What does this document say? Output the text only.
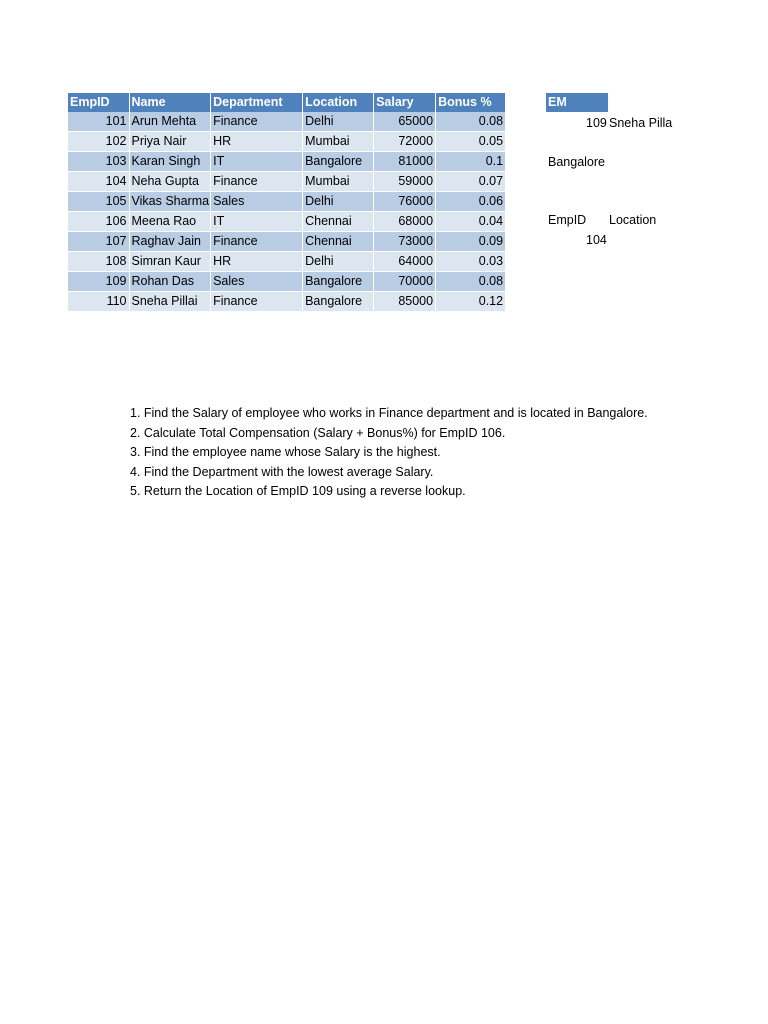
EmpID	Name	Department	Location	Salary	Bonus %
101	Arun Mehta	Finance	Delhi	65000	0.08
102	Priya Nair	HR	Mumbai	72000	0.05
103	Karan Singh	IT	Bangalore	81000	0.1
104	Neha Gupta	Finance	Mumbai	59000	0.07
105	Vikas Sharma	Sales	Delhi	76000	0.06
106	Meena Rao	IT	Chennai	68000	0.04
107	Raghav Jain	Finance	Chennai	73000	0.09
108	Simran Kaur	HR	Delhi	64000	0.03
109	Rohan Das	Sales	Bangalore	70000	0.08
110	Sneha Pillai	Finance	Bangalore	85000	0.12
EM
109 Sneha Pilla
Bangalore
EmpID Location
104
1. Find the Salary of employee who works in Finance department and is located in Bangalore.
2. Calculate Total Compensation (Salary + Bonus%) for EmpID 106.
3. Find the employee name whose Salary is the highest.
4. Find the Department with the lowest average Salary.
5. Return the Location of EmpID 109 using a reverse lookup.
